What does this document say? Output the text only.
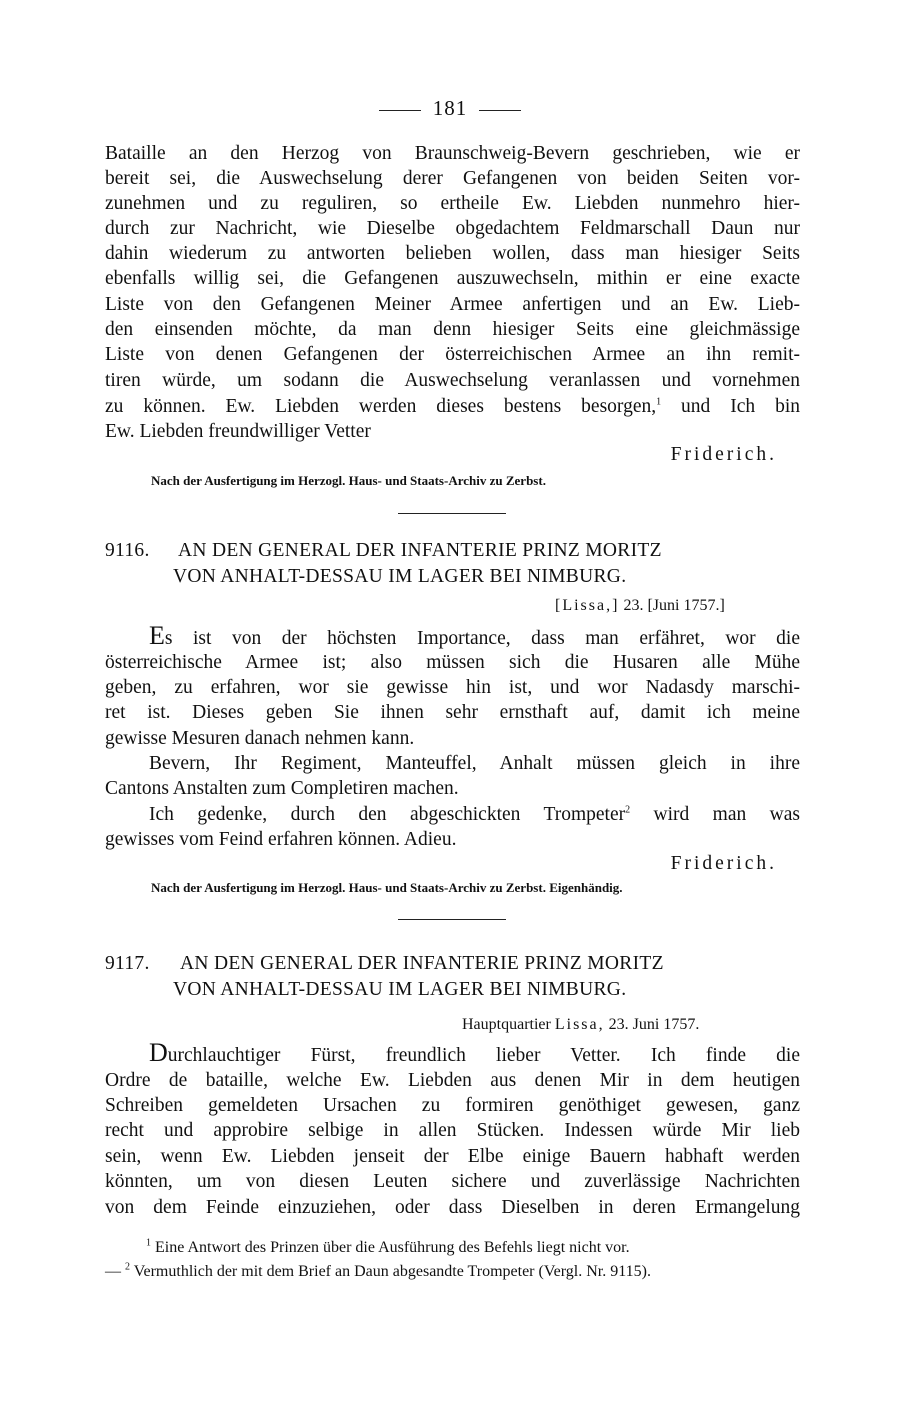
181
Bataille an den Herzog von Braunschweig-Bevern geschrieben, wie er
bereit sei, die Auswechselung derer Gefangenen von beiden Seiten vor-
zunehmen und zu reguliren, so ertheile Ew. Liebden nunmehro hier-
durch zur Nachricht, wie Dieselbe obgedachtem Feldmarschall Daun nur
dahin wiederum zu antworten belieben wollen, dass man hiesiger Seits
ebenfalls willig sei, die Gefangenen auszuwechseln, mithin er eine exacte
Liste von den Gefangenen Meiner Armee anfertigen und an Ew. Lieb-
den einsenden möchte, da man denn hiesiger Seits eine gleichmässige
Liste von denen Gefangenen der österreichischen Armee an ihn remit-
tiren würde, um sodann die Auswechselung veranlassen und vornehmen
zu können. Ew. Liebden werden dieses bestens besorgen,$^1$ und Ich bin
Ew. Liebden freundwilliger Vetter
Friderich.
Nach der Ausfertigung im Herzogl. Haus- und Staats-Archiv zu Zerbst.
9116. AN DEN GENERAL DER INFANTERIE PRINZ MORITZ
VON ANHALT-DESSAU IM LAGER BEI NIMBURG.
[Lissa,] 23. [Juni 1757.]
Es ist von der höchsten Importance, dass man erfähret, wor die
österreichische Armee ist; also müssen sich die Husaren alle Mühe
geben, zu erfahren, wor sie gewisse hin ist, und wor Nadasdy marschi-
ret ist. Dieses geben Sie ihnen sehr ernsthaft auf, damit ich meine
gewisse Mesuren danach nehmen kann.
Bevern, Ihr Regiment, Manteuffel, Anhalt müssen gleich in ihre
Cantons Anstalten zum Completiren machen.
Ich gedenke, durch den abgeschickten Trompeter$^2$ wird man was
gewisses vom Feind erfahren können. Adieu.
Friderich.
Nach der Ausfertigung im Herzogl. Haus- und Staats-Archiv zu Zerbst. Eigenhändig.
9117. AN DEN GENERAL DER INFANTERIE PRINZ MORITZ
VON ANHALT-DESSAU IM LAGER BEI NIMBURG.
Hauptquartier Lissa, 23. Juni 1757.
Durchlauchtiger Fürst, freundlich lieber Vetter. Ich finde die
Ordre de bataille, welche Ew. Liebden aus denen Mir in dem heutigen
Schreiben gemeldeten Ursachen zu formiren genöthiget gewesen, ganz
recht und approbire selbige in allen Stücken. Indessen würde Mir lieb
sein, wenn Ew. Liebden jenseit der Elbe einige Bauern habhaft werden
könnten, um von diesen Leuten sichere und zuverlässige Nachrichten
von dem Feinde einzuziehen, oder dass Dieselben in deren Ermangelung
$^1$ Eine Antwort des Prinzen über die Ausführung des Befehls liegt nicht vor.
— $^2$ Vermuthlich der mit dem Brief an Daun abgesandte Trompeter (Vergl. Nr. 9115).
